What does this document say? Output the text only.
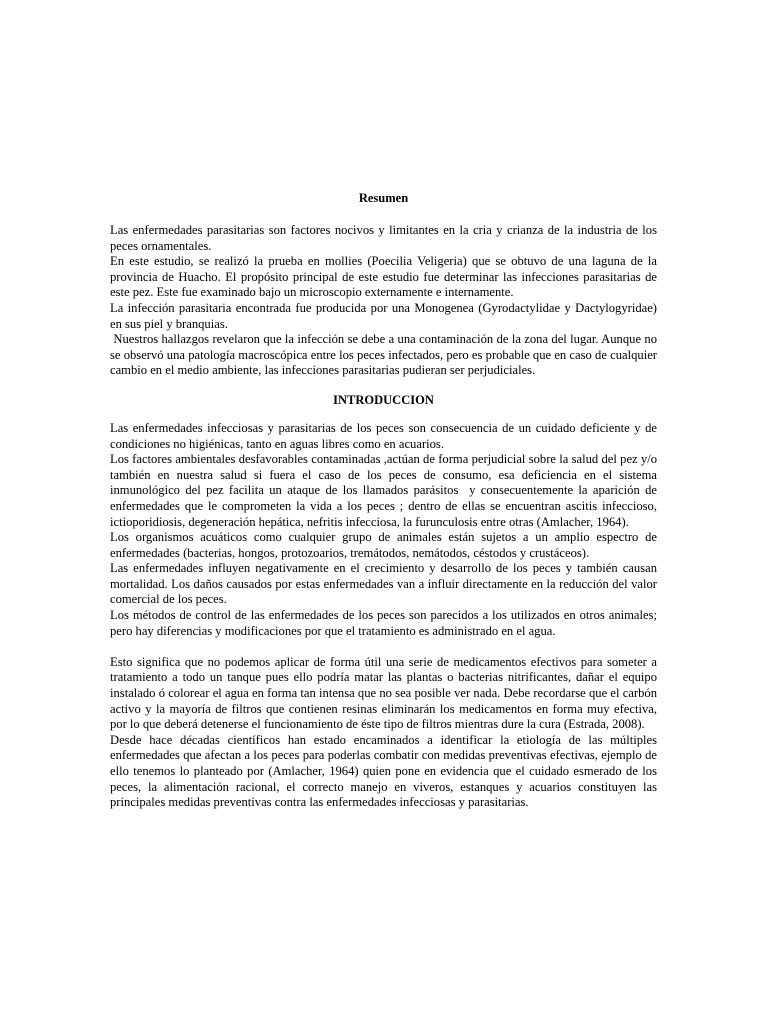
Resumen

Las enfermedades parasitarias son factores nocivos y limitantes en la cria y crianza de la industria de los peces ornamentales.

En este estudio, se realizó la prueba en mollies (Poecilia Veligeria) que se obtuvo de una laguna de la provincia de Huacho. El propósito principal de este estudio fue determinar las infecciones parasitarias de este pez. Este fue examinado bajo un microscopio externamente e internamente.

La infección parasitaria encontrada fue producida por una Monogenea (Gyrodactylidae y Dactylogyridae) en sus piel y branquias.

Nuestros hallazgos revelaron que la infección se debe a una contaminación de la zona del lugar. Aunque no se observó una patología macroscópica entre los peces infectados, pero es probable que en caso de cualquier cambio en el medio ambiente, las infecciones parasitarias pudieran ser perjudiciales.

INTRODUCCION

Las enfermedades infecciosas y parasitarias de los peces son consecuencia de un cuidado deficiente y de condiciones no higiénicas, tanto en aguas libres como en acuarios.

Los factores ambientales desfavorables contaminadas ,actúan de forma perjudicial sobre la salud del pez y/o también en nuestra salud si fuera el caso de los peces de consumo, esa deficiencia en el sistema inmunológico del pez facilita un ataque de los llamados parásitos  y consecuentemente la aparición de enfermedades que le comprometen la vida a los peces ; dentro de ellas se encuentran ascitis infeccioso, ictioporidiosis, degeneración hepática, nefritis infecciosa, la furunculosis entre otras (Amlacher, 1964).

Los organismos acuáticos como cualquier grupo de animales están sujetos a un amplio espectro de enfermedades (bacterias, hongos, protozoarios, tremátodos, nemátodos, céstodos y crustáceos).

Las enfermedades influyen negativamente en el crecimiento y desarrollo de los peces y también causan mortalidad. Los daños causados por estas enfermedades van a influir directamente en la reducción del valor comercial de los peces.

Los métodos de control de las enfermedades de los peces son parecidos a los utilizados en otros animales; pero hay diferencias y modificaciones por que el tratamiento es administrado en el agua.

Esto significa que no podemos aplicar de forma útil una serie de medicamentos efectivos para someter a tratamiento a todo un tanque pues ello podría matar las plantas o bacterias nitrificantes, dañar el equipo instalado ó colorear el agua en forma tan intensa que no sea posible ver nada. Debe recordarse que el carbón activo y la mayoría de filtros que contienen resinas eliminarán los medicamentos en forma muy efectiva, por lo que deberá detenerse el funcionamiento de éste tipo de filtros mientras dure la cura (Estrada, 2008).

Desde hace décadas científicos han estado encaminados a identificar la etiología de las múltiples enfermedades que afectan a los peces para poderlas combatir con medidas preventivas efectivas, ejemplo de ello tenemos lo planteado por (Amlacher, 1964) quien pone en evidencia que el cuidado esmerado de los peces, la alimentación racional, el correcto manejo en viveros, estanques y acuarios constituyen las principales medidas preventivas contra las enfermedades infecciosas y parasitarias.
